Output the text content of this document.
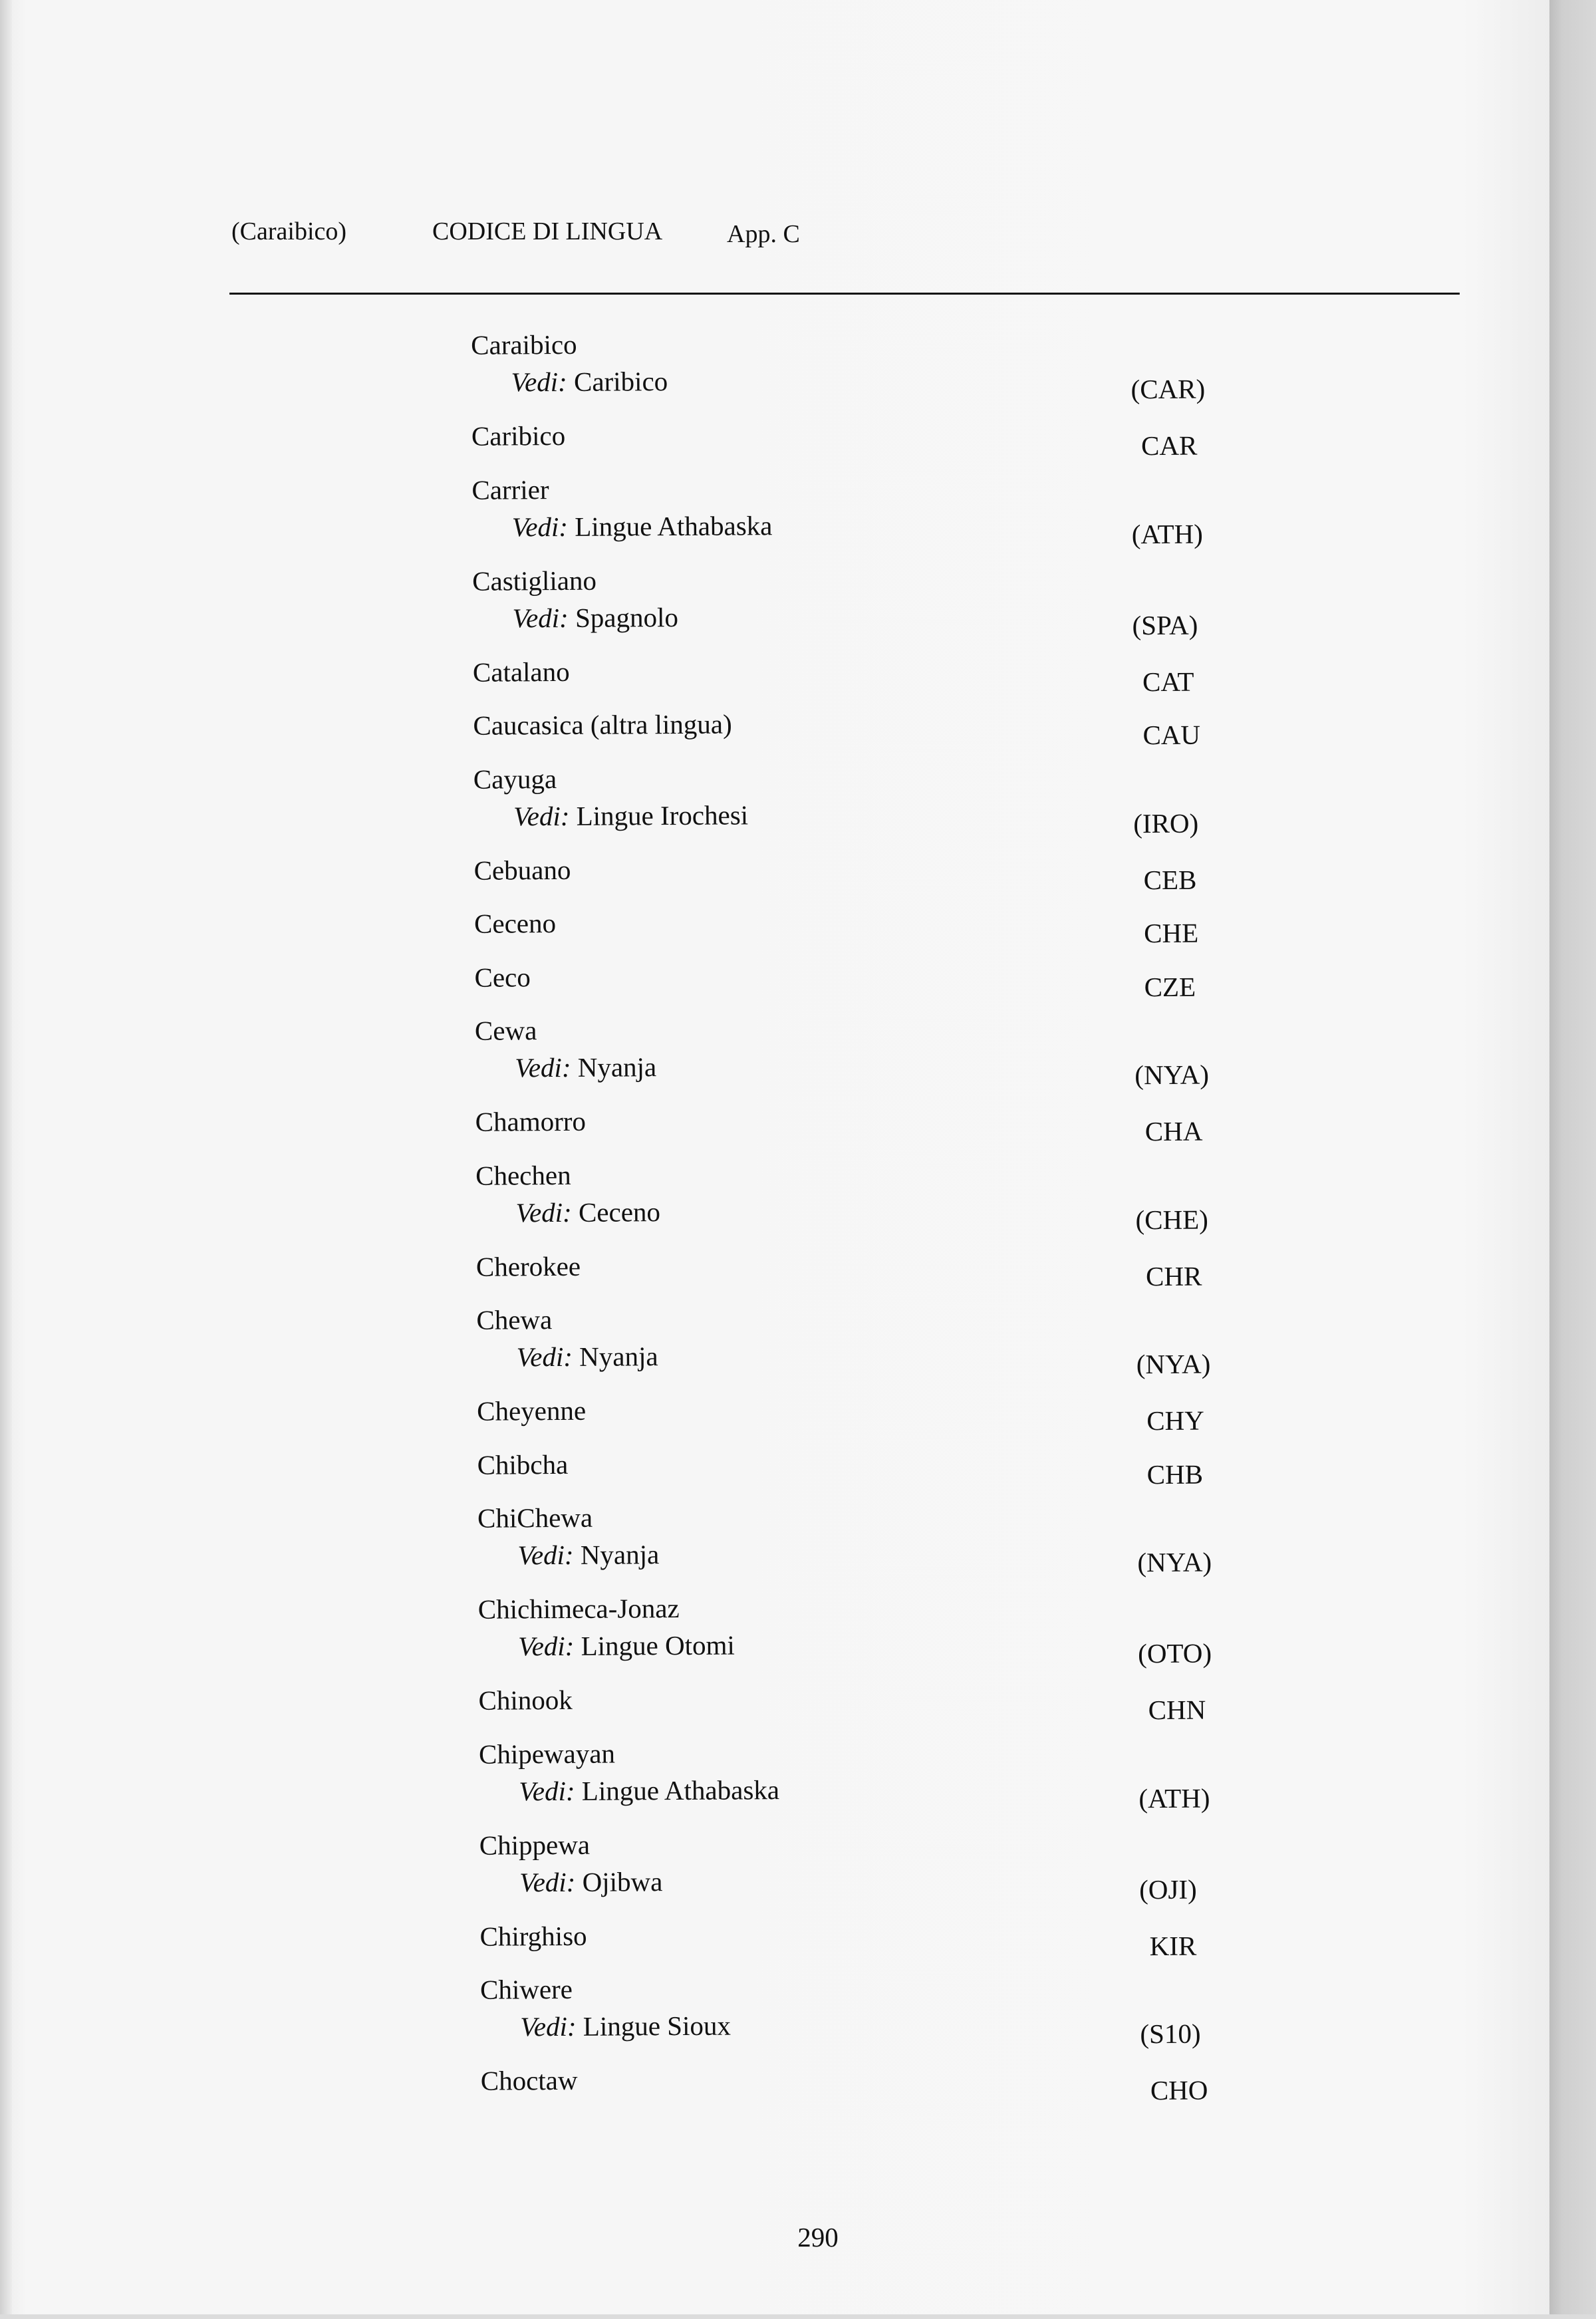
(Caraibico)	CODICE DI LINGUA	App. C
Caraibico
Vedi: Caribico	(CAR)
Caribico	CAR
Carrier
Vedi: Lingue Athabaska	(ATH)
Castigliano
Vedi: Spagnolo	(SPA)
Catalano	CAT
Caucasica (altra lingua)	CAU
Cayuga
Vedi: Lingue Irochesi	(IRO)
Cebuano	CEB
Ceceno	CHE
Ceco	CZE
Cewa
Vedi: Nyanja	(NYA)
Chamorro	CHA
Chechen
Vedi: Ceceno	(CHE)
Cherokee	CHR
Chewa
Vedi: Nyanja	(NYA)
Cheyenne	CHY
Chibcha	CHB
ChiChewa
Vedi: Nyanja	(NYA)
Chichimeca-Jonaz
Vedi: Lingue Otomi	(OTO)
Chinook	CHN
Chipewayan
Vedi: Lingue Athabaska	(ATH)
Chippewa
Vedi: Ojibwa	(OJI)
Chirghiso	KIR
Chiwere
Vedi: Lingue Sioux	(S10)
Choctaw	CHO
290
